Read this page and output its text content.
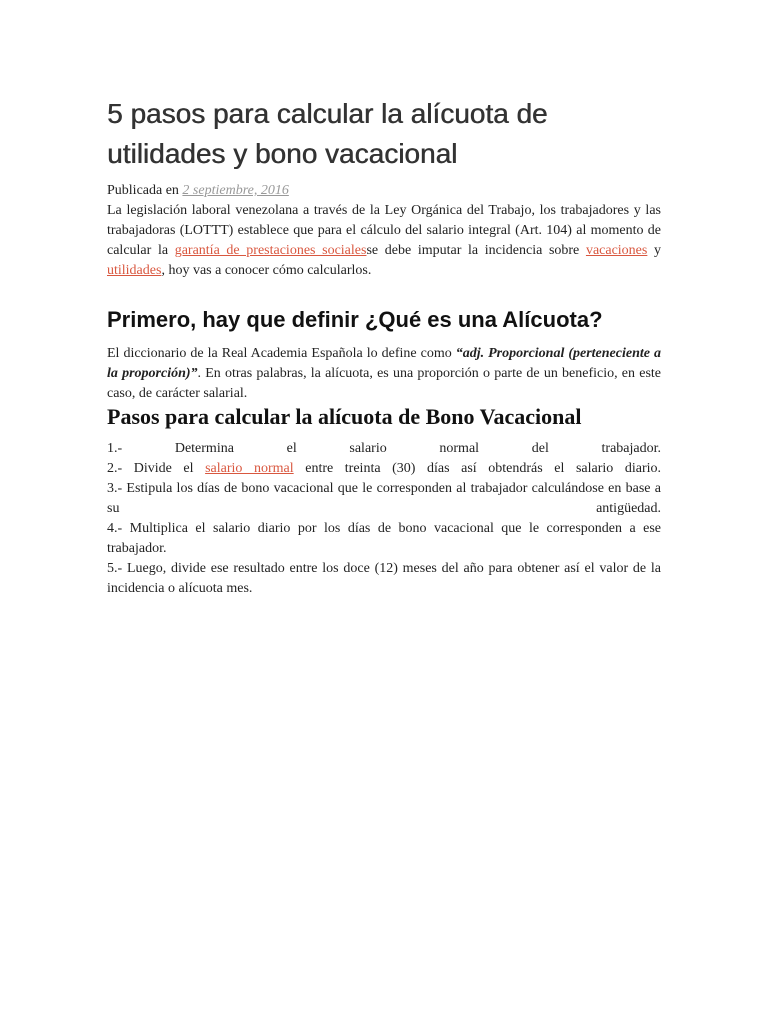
5 pasos para calcular la alícuota de utilidades y bono vacacional

Publicada en 2 septiembre, 2016

La legislación laboral venezolana a través de la Ley Orgánica del Trabajo, los trabajadores y las trabajadoras (LOTTT) establece que para el cálculo del salario integral (Art. 104) al momento de calcular la garantía de prestaciones socialesse debe imputar la incidencia sobre vacaciones y utilidades, hoy vas a conocer cómo calcularlos.

Primero, hay que definir ¿Qué es una Alícuota?

El diccionario de la Real Academia Española lo define como “adj. Proporcional (perteneciente a la proporción)”. En otras palabras, la alícuota, es una proporción o parte de un beneficio, en este caso, de carácter salarial.

Pasos para calcular la alícuota de Bono Vacacional

1.- Determina el salario normal del trabajador.

2.- Divide el salario normal entre treinta (30) días así obtendrás el salario diario.

3.- Estipula los días de bono vacacional que le corresponden al trabajador calculándose en base a su antigüedad.

4.- Multiplica el salario diario por los días de bono vacacional que le corresponden a ese trabajador.

5.- Luego, divide ese resultado entre los doce (12) meses del año para obtener así el valor de la incidencia o alícuota mes.
